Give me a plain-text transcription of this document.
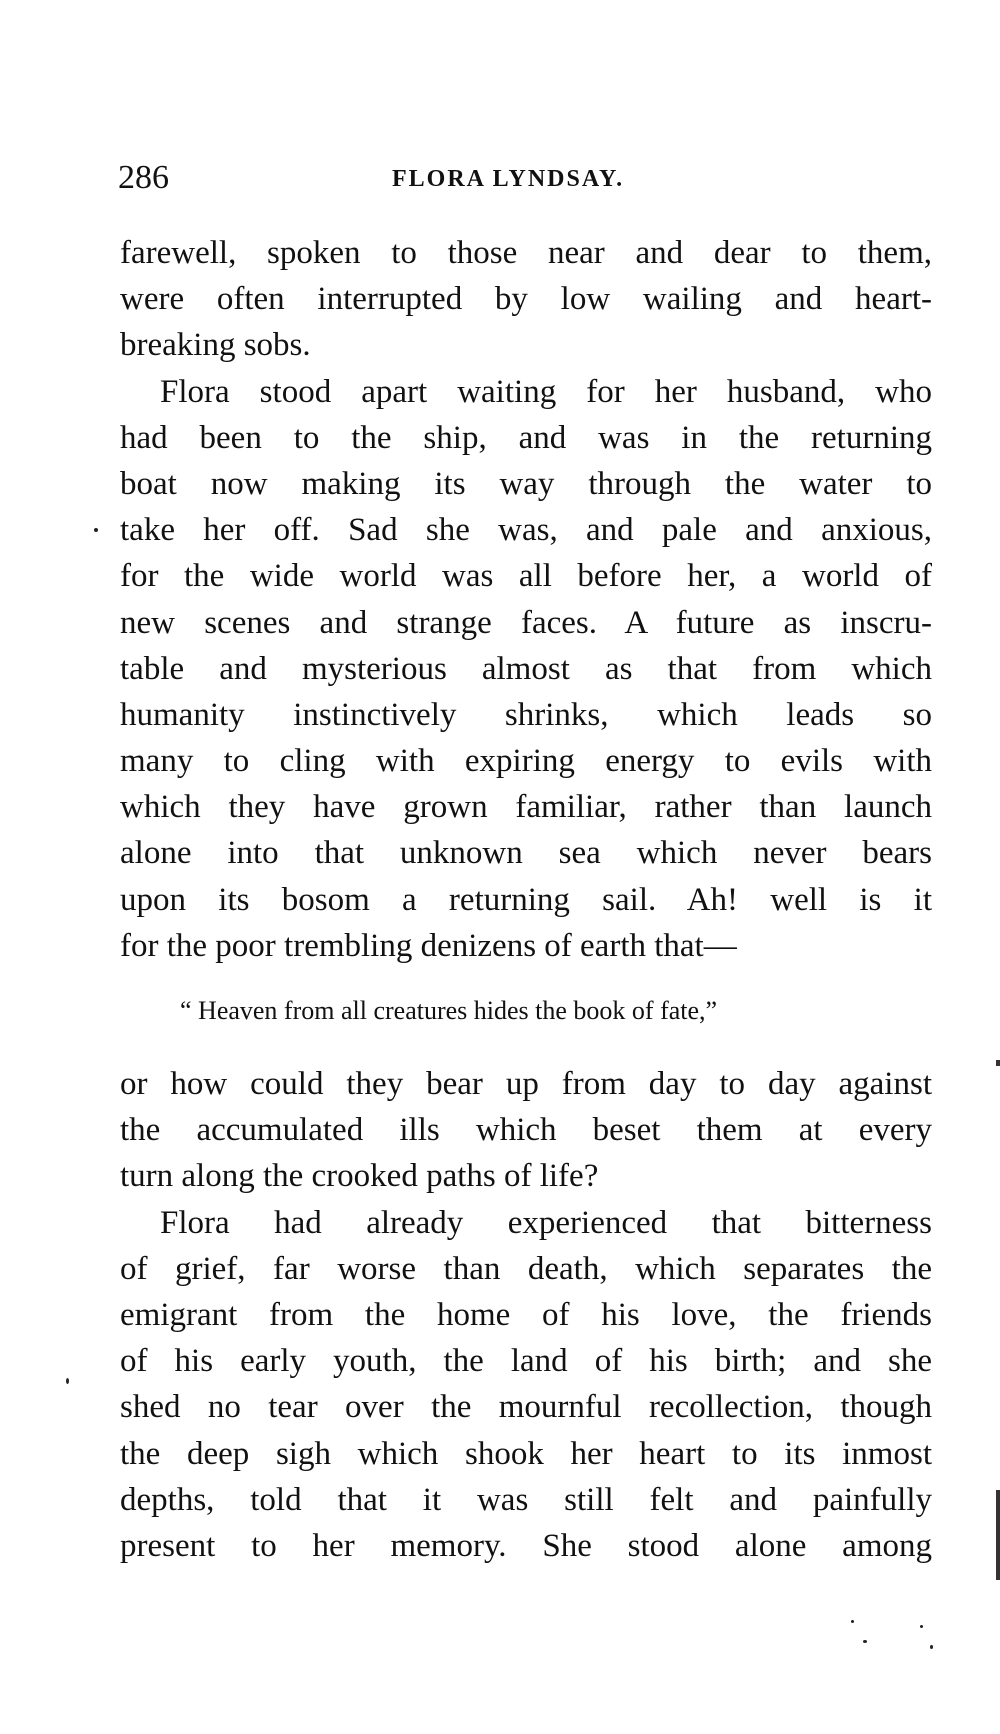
286	FLORA LYNDSAY.
farewell, spoken to those near and dear to them,
were often interrupted by low wailing and heart-
breaking sobs.
Flora stood apart waiting for her husband, who
had been to the ship, and was in the returning
boat now making its way through the water to
take her off. Sad she was, and pale and anxious,
for the wide world was all before her, a world of
new scenes and strange faces. A future as inscru-
table and mysterious almost as that from which
humanity instinctively shrinks, which leads so
many to cling with expiring energy to evils with
which they have grown familiar, rather than launch
alone into that unknown sea which never bears
upon its bosom a returning sail. Ah! well is it
for the poor trembling denizens of earth that—
“ Heaven from all creatures hides the book of fate,”
or how could they bear up from day to day against
the accumulated ills which beset them at every
turn along the crooked paths of life?
Flora had already experienced that bitterness
of grief, far worse than death, which separates the
emigrant from the home of his love, the friends
of his early youth, the land of his birth; and she
shed no tear over the mournful recollection, though
the deep sigh which shook her heart to its inmost
depths, told that it was still felt and painfully
present to her memory. She stood alone among
